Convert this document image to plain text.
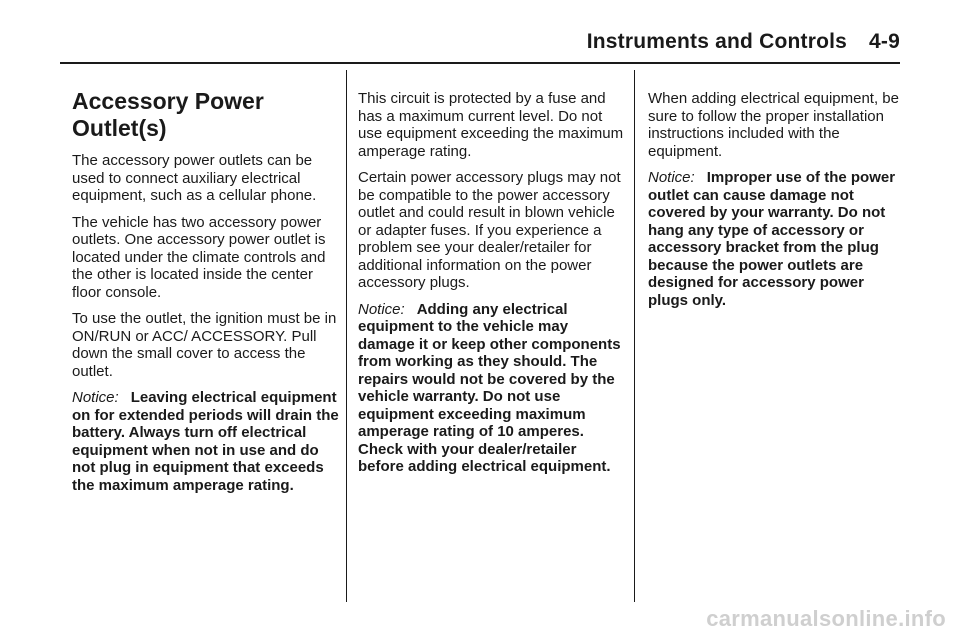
Instruments and Controls 4-9
Accessory Power Outlet(s)

The accessory power outlets can be used to connect auxiliary electrical equipment, such as a cellular phone.

The vehicle has two accessory power outlets. One accessory power outlet is located under the climate controls and the other is located inside the center floor console.

To use the outlet, the ignition must be in ON/RUN or ACC/ ACCESSORY. Pull down the small cover to access the outlet.

Notice: Leaving electrical equipment on for extended periods will drain the battery. Always turn off electrical equipment when not in use and do not plug in equipment that exceeds the maximum amperage rating.

This circuit is protected by a fuse and has a maximum current level. Do not use equipment exceeding the maximum amperage rating.

Certain power accessory plugs may not be compatible to the power accessory outlet and could result in blown vehicle or adapter fuses. If you experience a problem see your dealer/retailer for additional information on the power accessory plugs.

Notice: Adding any electrical equipment to the vehicle may damage it or keep other components from working as they should. The repairs would not be covered by the vehicle warranty. Do not use equipment exceeding maximum amperage rating of 10 amperes. Check with your dealer/retailer before adding electrical equipment.

When adding electrical equipment, be sure to follow the proper installation instructions included with the equipment.

Notice: Improper use of the power outlet can cause damage not covered by your warranty. Do not hang any type of accessory or accessory bracket from the plug because the power outlets are designed for accessory power plugs only.

carmanualsonline.info
